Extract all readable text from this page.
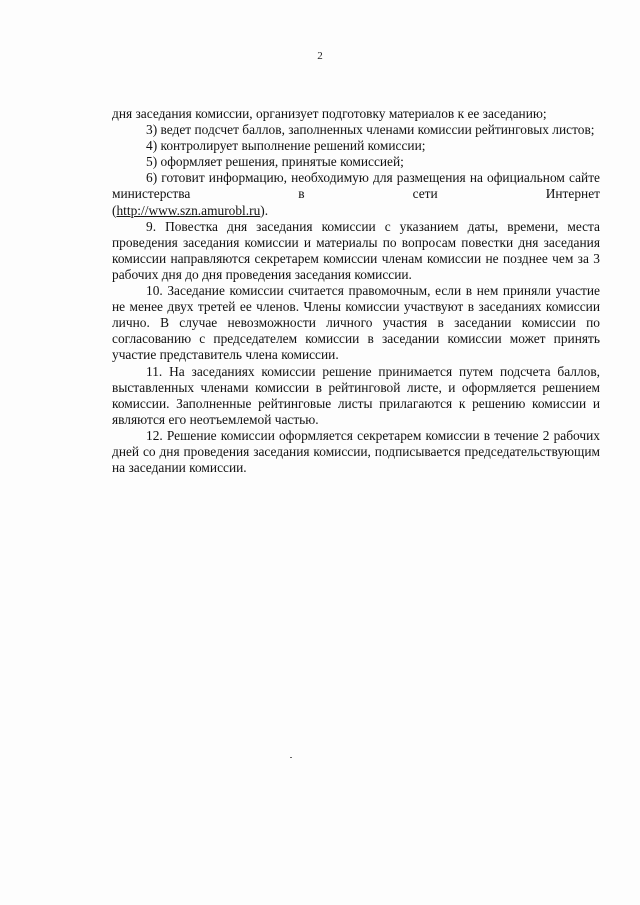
2

дня заседания комиссии, организует подготовку материалов к ее заседанию;

3) ведет подсчет баллов, заполненных членами комиссии рейтинговых листов;

4) контролирует выполнение решений комиссии;

5) оформляет решения, принятые комиссией;

6) готовит информацию, необходимую для размещения на официальном сайте министерства в сети Интернет

(http://www.szn.amurobl.ru).

9. Повестка дня заседания комиссии с указанием даты, времени, места проведения заседания комиссии и материалы по вопросам повестки дня заседания комиссии направляются секретарем комиссии членам комиссии не позднее чем за 3 рабочих дня до дня проведения заседания комиссии.

10. Заседание комиссии считается правомочным, если в нем приняли участие не менее двух третей ее членов. Члены комиссии участвуют в заседаниях комиссии лично. В случае невозможности личного участия в заседании комиссии по согласованию с председателем комиссии в заседании комиссии может принять участие представитель члена комиссии.

11. На заседаниях комиссии решение принимается путем подсчета баллов, выставленных членами комиссии в рейтинговой листе, и оформляется решением комиссии. Заполненные рейтинговые листы прилагаются к решению комиссии и являются его неотъемлемой частью.

12. Решение комиссии оформляется секретарем комиссии в течение 2 рабочих дней со дня проведения заседания комиссии, подписывается председательствующим на заседании комиссии.
